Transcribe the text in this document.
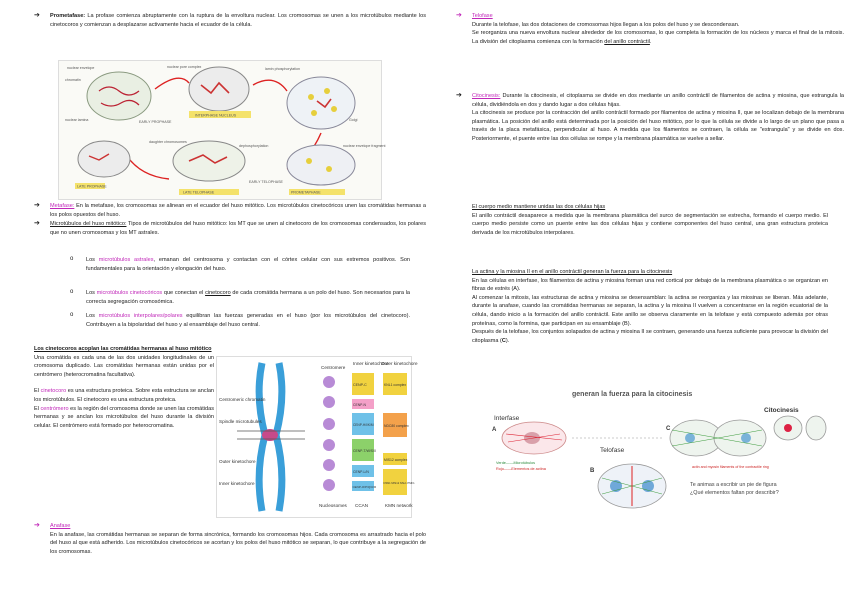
➔ Prometafase: La profase comienza abruptamente con la ruptura de la envoltura nuclear. Los cromosomas se unen a los microtúbulos mediante los cinetocoros y comienzan a desplazarse activamente hacia el ecuador de la célula.

nuclear envelope	nuclear pore complex	lamin phosphorylation
INTERPHASE NUCLEUS
chromatin
nuclear lamina	Golgi
nuclear envelope fragment
daughter chromosomes
dephosphorylation
LATE PROPHASE
LATE TELOPHASE	PROMETAPHASE
EARLY PROPHASE
EARLY TELOPHASE
➔ Metafase: En la metafase, los cromosomas se alinean en el ecuador del huso mitótico. Los microtúbulos cinetocóricos unen las cromátidas hermanas a los polos opuestos del huso.

➔ Microtúbulos del huso mitótico: Tipos de microtúbulos del huso mitótico: los MT que se unen al cinetocoro de los cromosomas condensados, los polares que no unen cromosomas y los MT astrales.

o Los microtúbulos astrales, emanan del centrosoma y contactan con el córtex celular con sus extremos positivos. Son fundamentales para la orientación y elongación del huso.

o Los microtúbulos cinetocóricos que conectan el cinetocoro de cada cromátida hermana a un polo del huso. Son necesarios para la correcta segregación cromosómica.

o Los microtúbulos interpolares/polares equilibran las fuerzas generadas en el huso (por los microtúbulos del cinetocoro). Contribuyen a la bipolaridad del huso y al ensamblaje del huso central.

Los cinetocoros acoplan las cromátidas hermanas al huso mitótico

Una cromátida es cada una de las dos unidades longitudinales de un cromosoma duplicado. Las cromátidas hermanas están unidas por el centrómero (heterocromatina facultativa).

El cinetocoro es una estructura proteica. Sobre esta estructura se anclan los microtúbulos. El cinetocoro es una estructura proteica.

El centrómero es la región del cromosoma donde se unen las cromátidas hermanas y se anclan los microtúbulos del huso durante la división celular. El centrómero está formado por heterocromatina.

Centromeric chromatin
Spindle microtubules
Outer kinetochore
Inner kinetochore
Centromere
Inner kinetochore
Outer kinetochore
CENP-C
CENP-N
CENP-H/I/K/M
CENP-T/W/S/X
CENP-L/N
CENP-O/P/Q/U/R
KNL1 complex
NDC80 complex
MIS12 complex
DSN1 MIS12 NSL1 PMF1
Nucleosomes CCAN	KMN network
➔ Anafase

En la anafase, las cromátidas hermanas se separan de forma sincrónica, formando los cromosomas hijos. Cada cromosoma es arrastrado hacia el polo del huso al que está adherido. Los microtúbulos cinetocóricos se acortan y los polos del huso mitótico se separan, lo que contribuye a la segregación de los cromosomas.

➔ Telofase

Durante la telofase, las dos dotaciones de cromosomas hijos llegan a los polos del huso y se descondensan.

Se reorganiza una nueva envoltura nuclear alrededor de los cromosomas, lo que completa la formación de los núcleos y marca el final de la mitosis. La división del citoplasma comienza con la formación del anillo contráctil.

➔ Citocinesis: Durante la citocinesis, el citoplasma se divide en dos mediante un anillo contráctil de filamentos de actina y miosina, que estrangula la célula, dividiéndola en dos y dando lugar a dos células hijas.

La citocinesis se produce por la contracción del anillo contráctil formado por filamentos de actina y miosina II, que se localizan debajo de la membrana plasmática. La posición del anillo está determinada por la posición del huso mitótico, por lo que la célula se divide a lo largo de un plano que pasa a través de la placa metafásica, perpendicular al huso. A medida que los filamentos se contraen, la célula se "estrangula" y se divide en dos. Posteriormente, el puente entre las dos células se rompe y la membrana plasmática se vuelve a sellar.

El cuerpo medio mantiene unidas las dos células hijas

El anillo contráctil desaparece a medida que la membrana plasmática del surco de segmentación se estrecha, formando el cuerpo medio. El cuerpo medio persiste como un puente entre las dos células hijas y contiene componentes del huso central, una gran estructura proteica derivada de los microtúbulos interpolares.

La actina y la miosina II en el anillo contráctil generan la fuerza para la citocinesis

En las células en interfase, los filamentos de actina y miosina forman una red cortical por debajo de la membrana plasmática o se organizan en fibras de estrés (A).

Al comenzar la mitosis, las estructuras de actina y miosina se desensamblan: la actina se reorganiza y las miosinas se liberan. Más adelante, durante la anafase, cuando las cromátidas hermanas se separan, la actina y la miosina II vuelven a concentrarse en la región ecuatorial de la célula, dando inicio a la formación del anillo contráctil. Este anillo se observa claramente en la telofase y está compuesto además por otras proteínas, como la formina, que participan en su ensamblaje (B).

Después de la telofase, los conjuntos solapados de actina y miosina II se contraen, generando una fuerza suficiente para provocar la división del citoplasma (C).

generan la fuerza para la citocinesis
Interfase
Telofase
Citocinesis
A
Verde——Microtúbulos
Rojo——Elementos de actina
C
actin and myosin filaments of the contractile ring
B
Te animas a escribir un pie de figura
¿Qué elementos faltan por describir?
